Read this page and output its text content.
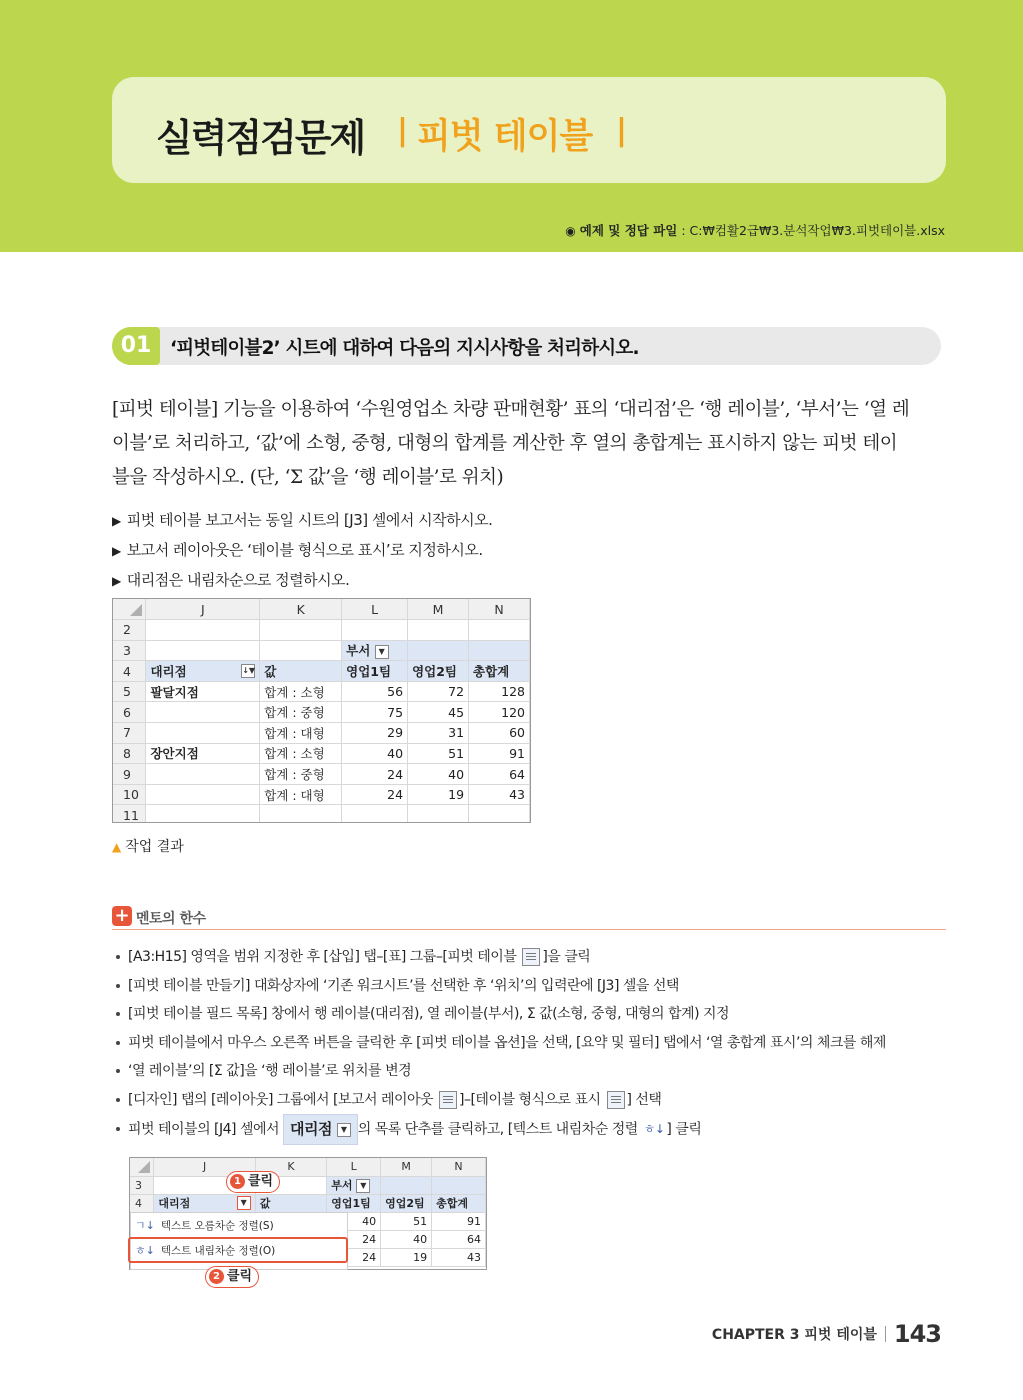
실력점검문제 | 피벗 테이블 |
◉ 예제 및 정답 파일 : C:₩컴활2급₩3.분석작업₩3.피벗테이블.xlsx
01	‘피벗테이블2’ 시트에 대하여 다음의 지시사항을 처리하시오.

[피벗 테이블] 기능을 이용하여 ‘수원영업소 차량 판매현황’ 표의 ‘대리점’은 ‘행 레이블’, ‘부서’는 ‘열 레

이블’로 처리하고, ‘값’에 소형, 중형, 대형의 합계를 계산한 후 열의 총합계는 표시하지 않는 피벗 테이

블을 작성하시오. (단, ‘Σ 값’을 ‘행 레이블’로 위치)

▶ 피벗 테이블 보고서는 동일 시트의 [J3] 셀에서 시작하시오.
▶ 보고서 레이아웃은 ‘테이블 형식으로 표시’로 지정하시오.
▶ 대리점은 내림차순으로 정렬하시오.
	J	K	L	M	N
2					
3			부서 ▼		
4	대리점 ↓▼	값	영업1팀	영업2팀	총합계
5	팔달지점	합계 : 소형	56	72	128
6		합계 : 중형	75	45	120
7		합계 : 대형	29	31	60
8	장안지점	합계 : 소형	40	51	91
9		합계 : 중형	24	40	64
10		합계 : 대형	24	19	43
11					
▲ 작업 결과
+ 멘토의 한수
[A3:H15] 영역을 범위 지정한 후 [삽입] 탭–[표] 그룹–[피벗 테이블 ]을 클릭
[피벗 테이블 만들기] 대화상자에 ‘기존 워크시트’를 선택한 후 ‘위치’의 입력란에 [J3] 셀을 선택
[피벗 테이블 필드 목록] 창에서 행 레이블(대리점), 열 레이블(부서), Σ 값(소형, 중형, 대형의 합계) 지정
피벗 테이블에서 마우스 오른쪽 버튼을 클릭한 후 [피벗 테이블 옵션]을 선택, [요약 및 필터] 탭에서 ‘열 총합계 표시’의 체크를 해제
‘열 레이블’의 [Σ 값]을 ‘행 레이블’로 위치를 변경
[디자인] 탭의 [레이아웃] 그룹에서 [보고서 레이아웃 ]–[테이블 형식으로 표시 ] 선택
피벗 테이블의 [J4] 셀에서 대리점 ▼ 의 목록 단추를 클릭하고, [텍스트 내림차순 정렬 ㅎ↓ ] 클릭
	J	K	L	M	N
3			부서 ▼		
4	대리점 ▼	값	영업1팀	영업2팀	총합계
			40	51	91
			24	40	64
			24	19	43
ㄱ↓ 텍스트 오름차순 정렬(S)
ㅎ↓ 텍스트 내림차순 정렬(O)
1 클릭
2 클릭
CHAPTER 3 피벗 테이블 143
